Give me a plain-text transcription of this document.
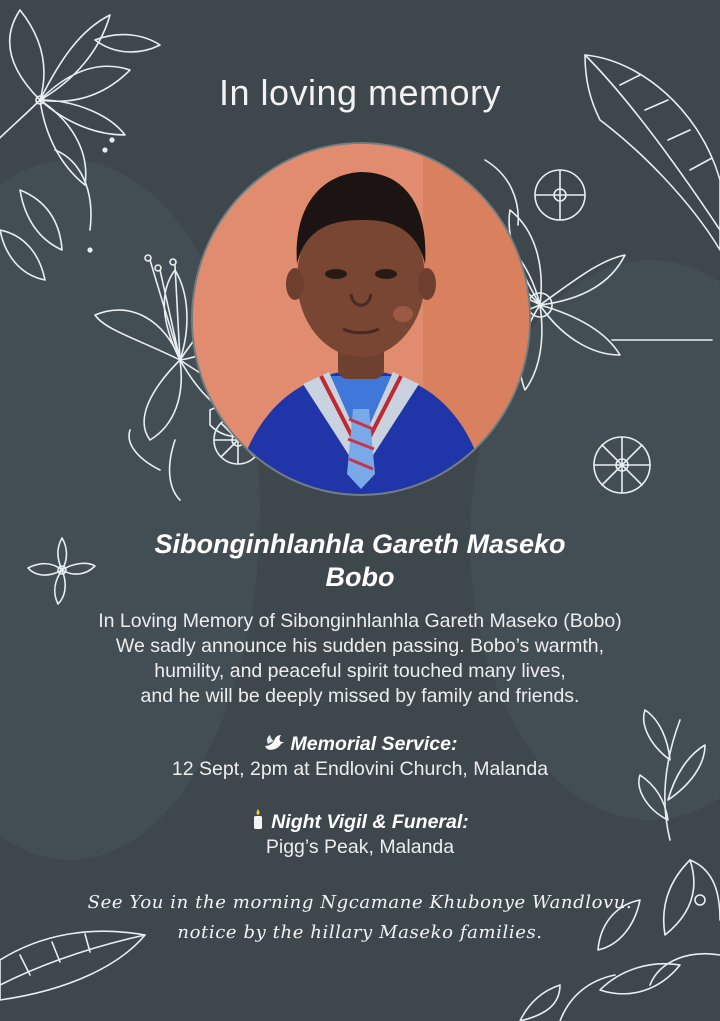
In loving memory
Sibonginhlanhla Gareth Maseko
Bobo
In Loving Memory of Sibonginhlanhla Gareth Maseko (Bobo)
We sadly announce his sudden passing. Bobo’s warmth,
humility, and peaceful spirit touched many lives,
and he will be deeply missed by family and friends.
Memorial Service:
12 Sept, 2pm at Endlovini Church, Malanda
Night Vigil & Funeral:
Pigg’s Peak, Malanda
See You in the morning Ngcamane Khubonye Wandlovu.
notice by the hillary Maseko families.
